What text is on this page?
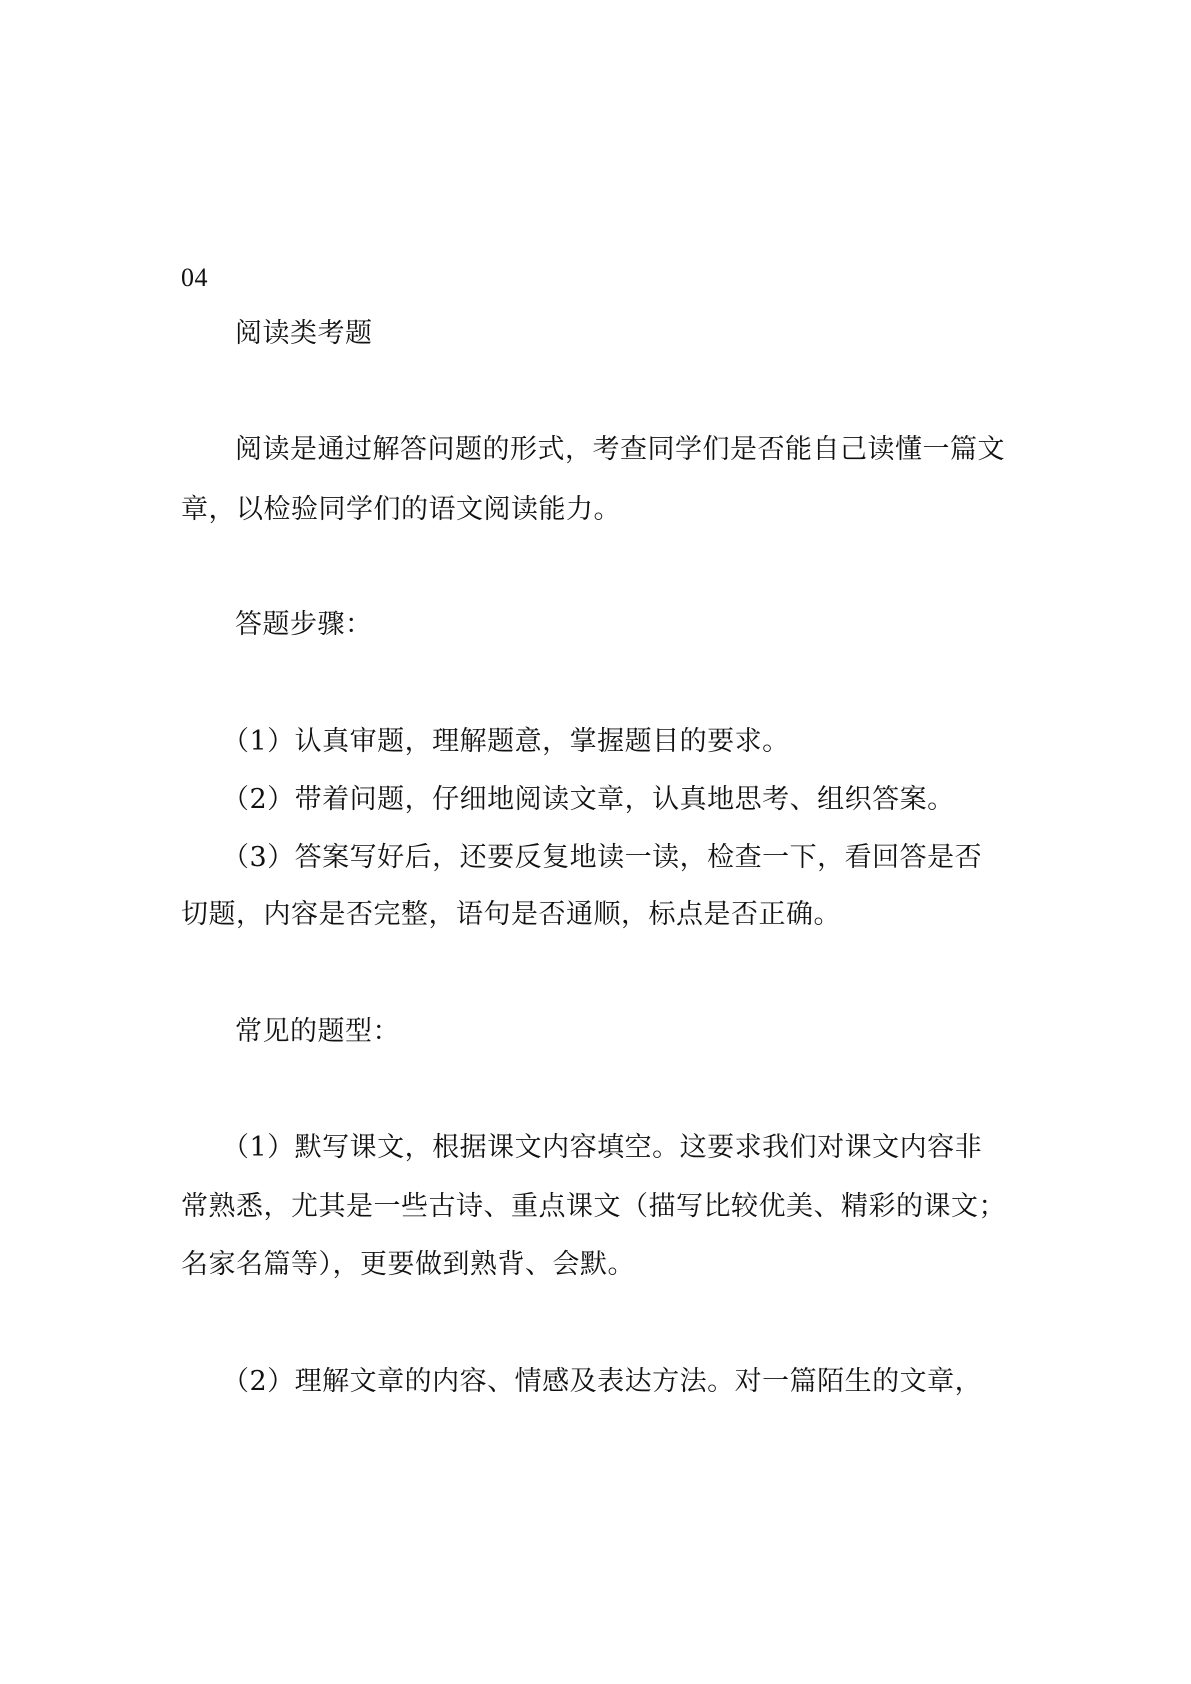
04
阅读类考题
阅读是通过解答问题的形式，考查同学们是否能自己读懂一篇文
章，以检验同学们的语文阅读能力。
答题步骤：
（1）认真审题，理解题意，掌握题目的要求。
（2）带着问题，仔细地阅读文章，认真地思考、组织答案。
（3）答案写好后，还要反复地读一读，检查一下，看回答是否
切题，内容是否完整，语句是否通顺，标点是否正确。
常见的题型：
（1）默写课文，根据课文内容填空。这要求我们对课文内容非
常熟悉，尤其是一些古诗、重点课文（描写比较优美、精彩的课文；
名家名篇等），更要做到熟背、会默。
（2）理解文章的内容、情感及表达方法。对一篇陌生的文章，
